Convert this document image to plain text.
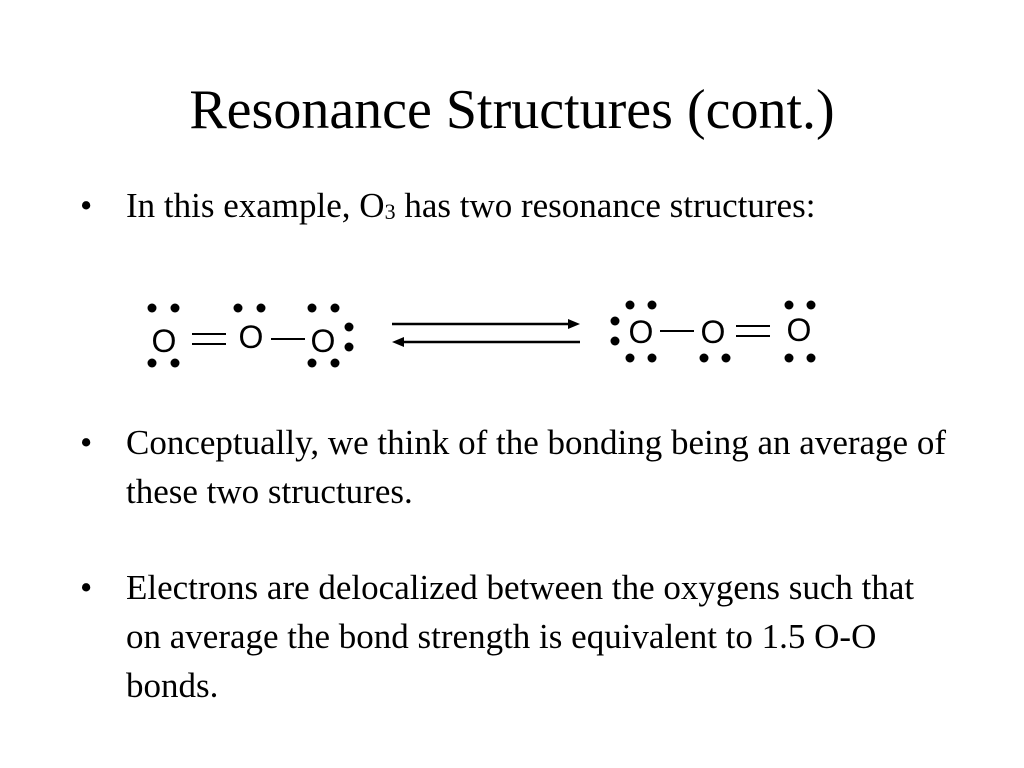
Resonance Structures (cont.)
• In this example, $O_3$ has two resonance structures:
• Conceptually, we think of the bonding being an average of these two structures.
• Electrons are delocalized between the oxygens such that on average the bond strength is equivalent to 1.5 O-O bonds.
O O O	O O O
